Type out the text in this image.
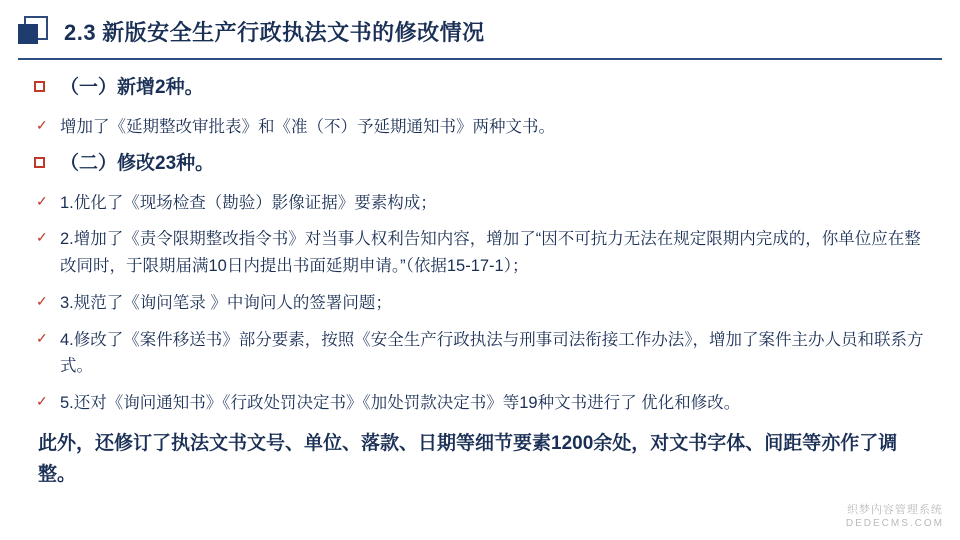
2.3 新版安全生产行政执法文书的修改情况
（一）新增2种。
✓ 增加了《延期整改审批表》和《准（不）予延期通知书》两种文书。
（二）修改23种。
✓ 1.优化了《现场检查（勘验）影像证据》要素构成；
✓ 2.增加了《责令限期整改指令书》对当事人权利告知内容，增加了“因不可抗力无法在规定限期内完成的，你单位应在整改同时，于限期届满10日内提出书面延期申请。”（依据15-17-1）；
✓ 3.规范了《询问笔录 》中询问人的签署问题；
✓ 4.修改了《案件移送书》部分要素，按照《安全生产行政执法与刑事司法衔接工作办法》，增加了案件主办人员和联系方式。
✓ 5.还对《询问通知书》《行政处罚决定书》《加处罚款决定书》等19种文书进行了 优化和修改。
此外，还修订了执法文书文号、单位、落款、日期等细节要素1200余处，对文书字体、间距等亦作了调整。
织梦内容管理系统
DEDECMS.COM
